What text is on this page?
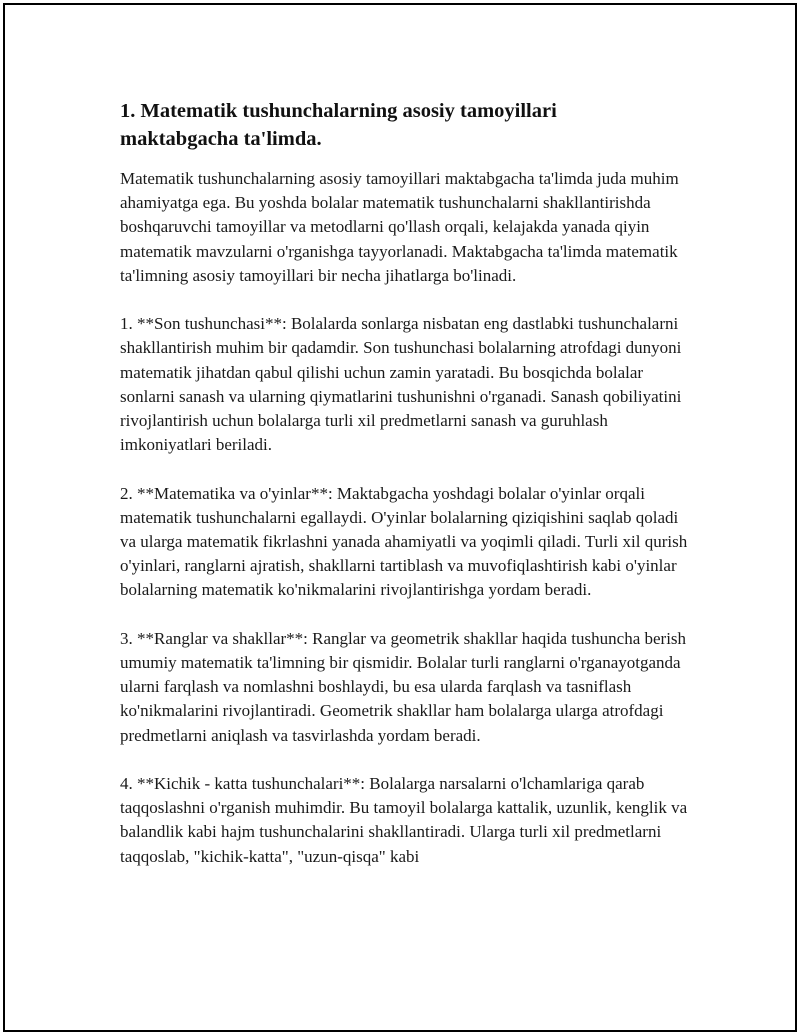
1. Matematik tushunchalarning asosiy tamoyillari
maktabgacha ta'limda.

Matematik tushunchalarning asosiy tamoyillari maktabgacha ta'limda juda muhim ahamiyatga ega. Bu yoshda bolalar matematik tushunchalarni shakllantirishda boshqaruvchi tamoyillar va metodlarni qo'llash orqali, kelajakda yanada qiyin matematik mavzularni o'rganishga tayyorlanadi. Maktabgacha ta'limda matematik ta'limning asosiy tamoyillari bir necha jihatlarga bo'linadi.

1. **Son tushunchasi**: Bolalarda sonlarga nisbatan eng dastlabki tushunchalarni shakllantirish muhim bir qadamdir. Son tushunchasi bolalarning atrofdagi dunyoni matematik jihatdan qabul qilishi uchun zamin yaratadi. Bu bosqichda bolalar sonlarni sanash va ularning qiymatlarini tushunishni o'rganadi. Sanash qobiliyatini rivojlantirish uchun bolalarga turli xil predmetlarni sanash va guruhlash imkoniyatlari beriladi.

2. **Matematika va o'yinlar**: Maktabgacha yoshdagi bolalar o'yinlar orqali matematik tushunchalarni egallaydi. O'yinlar bolalarning qiziqishini saqlab qoladi va ularga matematik fikrlashni yanada ahamiyatli va yoqimli qiladi. Turli xil qurish o'yinlari, ranglarni ajratish, shakllarni tartiblash va muvofiqlashtirish kabi o'yinlar bolalarning matematik ko'nikmalarini rivojlantirishga yordam beradi.

3. **Ranglar va shakllar**: Ranglar va geometrik shakllar haqida tushuncha berish umumiy matematik ta'limning bir qismidir. Bolalar turli ranglarni o'rganayotganda ularni farqlash va nomlashni boshlaydi, bu esa ularda farqlash va tasniflash ko'nikmalarini rivojlantiradi. Geometrik shakllar ham bolalarga ularga atrofdagi predmetlarni aniqlash va tasvirlashda yordam beradi.

4. **Kichik - katta tushunchalari**: Bolalarga narsalarni o'lchamlariga qarab taqqoslashni o'rganish muhimdir. Bu tamoyil bolalarga kattalik, uzunlik, kenglik va balandlik kabi hajm tushunchalarini shakllantiradi. Ularga turli xil predmetlarni taqqoslab, "kichik-katta", "uzun-qisqa" kabi
